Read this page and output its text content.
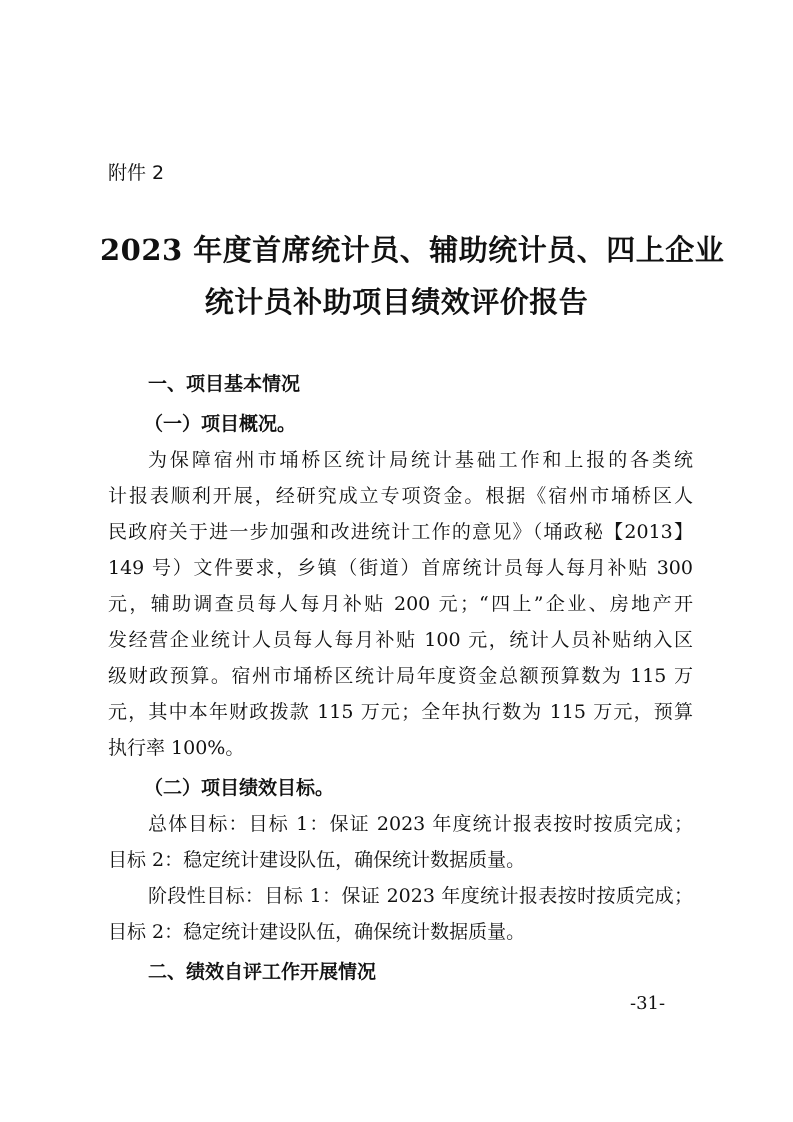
附件 2
2023 年度首席统计员、辅助统计员、四上企业
统计员补助项目绩效评价报告
一、项目基本情况
（一）项目概况。
为保障宿州市埇桥区统计局统计基础工作和上报的各类统
计报表顺利开展，经研究成立专项资金。根据《宿州市埇桥区人
民政府关于进一步加强和改进统计工作的意见》（埇政秘【2013】
149 号）文件要求，乡镇（街道）首席统计员每人每月补贴 300
元，辅助调查员每人每月补贴 200 元；“四上”企业、房地产开
发经营企业统计人员每人每月补贴 100 元，统计人员补贴纳入区
级财政预算。宿州市埇桥区统计局年度资金总额预算数为 115 万
元，其中本年财政拨款 115 万元；全年执行数为 115 万元，预算
执行率 100%。
（二）项目绩效目标。
总体目标：目标 1：保证 2023 年度统计报表按时按质完成；
目标 2：稳定统计建设队伍，确保统计数据质量。
阶段性目标：目标 1：保证 2023 年度统计报表按时按质完成；
目标 2：稳定统计建设队伍，确保统计数据质量。
二、绩效自评工作开展情况
-31-
